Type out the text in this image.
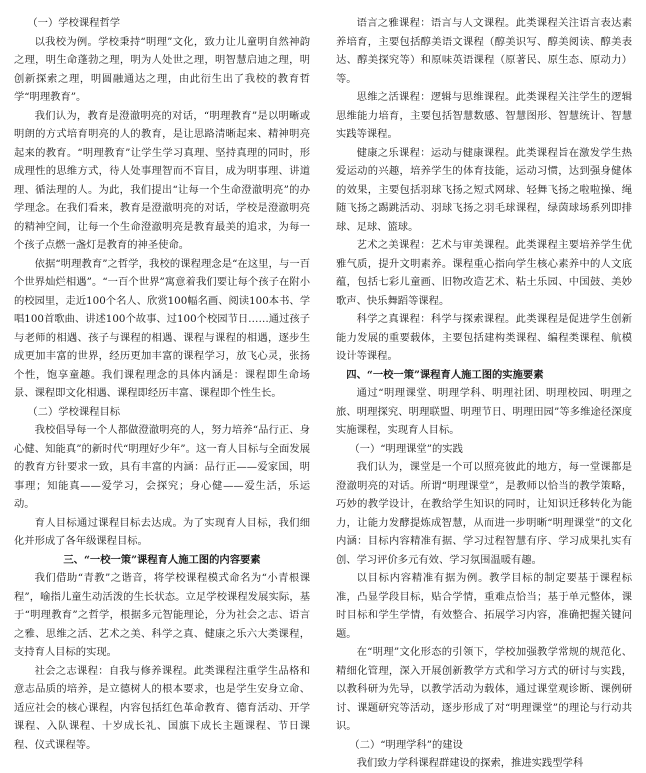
（一）学校课程哲学

以我校为例。学校秉持“明理”文化，致力让儿童明自然神韵之理，明生命蓬勃之理，明为人处世之理，明智慧启迪之理，明创新探索之理，明圆融通达之理，由此衍生出了我校的教育哲学“明理教育”。

我们认为，教育是澄澈明亮的对话，“明理教育”是以明晰或明朗的方式培育明亮的人的教育，是让思路清晰起来、精神明亮起来的教育。“明理教育”让学生学习真理、坚持真理的同时，形成理性的思维方式，待人处事理智而不盲目，成为明事理、讲道理、循法理的人。为此，我们提出“让每一个生命澄澈明亮”的办学理念。在我们看来，教育是澄澈明亮的对话，学校是澄澈明亮的精神空间，让每一个生命澄澈明亮是教育最美的追求，为每一个孩子点燃一盏灯是教育的神圣使命。

依据“明理教育”之哲学，我校的课程理念是“在这里，与一百个世界灿烂相遇”。“一百个世界”寓意着我们要让每个孩子在附小的校园里，走近100个名人、欣赏100幅名画、阅读100本书、学唱100首歌曲、讲述100个故事、过100个校园节日……通过孩子与老师的相遇、孩子与课程的相遇、课程与课程的相遇，逐步生成更加丰富的世界，经历更加丰富的课程学习，放飞心灵，张扬个性，饱享童趣。我们课程理念的具体内涵是：课程即生命场景、课程即文化相遇、课程即经历丰富、课程即个性生长。

（二）学校课程目标

我校倡导每一个人都做澄澈明亮的人，努力培养“品行正、身心健、知能真”的新时代“明理好少年”。这一育人目标与全面发展的教育方针要求一致，具有丰富的内涵：品行正——爱家国，明事理；知能真——爱学习，会探究；身心健——爱生活，乐运动。

育人目标通过课程目标去达成。为了实现育人目标，我们细化并形成了各年级课程目标。

三、“一校一策”课程育人施工图的内容要素

我们借助“青教”之谐音，将学校课程模式命名为“小青根课程”，喻指儿童生动活泼的生长状态。立足学校课程发展实际，基于“明理教育”之哲学，根据多元智能理论，分为社会之志、语言之雅、思维之活、艺术之美、科学之真、健康之乐六大类课程，支持育人目标的实现。

社会之志课程：自我与修养课程。此类课程注重学生品格和意志品质的培养，是立德树人的根本要求，也是学生安身立命、适应社会的核心课程，内容包括红色革命教育、德育活动、开学课程、入队课程、十岁成长礼、国旗下成长主题课程、节日课程、仪式课程等。

语言之雅课程：语言与人文课程。此类课程关注语言表达素养培育，主要包括醇美语文课程（醇美识写、醇美阅读、醇美表达、醇美探究等）和原味英语课程（原著民、原生态、原动力）等。

思维之活课程：逻辑与思维课程。此类课程关注学生的逻辑思维能力培育，主要包括智慧数感、智慧图形、智慧统计、智慧实践等课程。

健康之乐课程：运动与健康课程。此类课程旨在激发学生热爱运动的兴趣，培养学生的体育技能，运动习惯，达到强身健体的效果，主要包括羽球飞扬之短式网球、轻舞飞扬之啦啦操、绳随飞扬之踢跳活动、羽球飞扬之羽毛球课程，绿茵球场系列即排球、足球、篮球。

艺术之美课程：艺术与审美课程。此类课程主要培养学生优雅气质，提升文明素养。课程重心指向学生核心素养中的人文底蕴，包括七彩儿童画、旧物改造艺术、粘土乐园、中国鼓、美妙歌声、快乐舞蹈等课程。

科学之真课程：科学与探索课程。此类课程是促进学生创新能力发展的重要载体，主要包括建构类课程、编程类课程、航模设计等课程。

四、“一校一策”课程育人施工图的实施要素

通过“明理课堂、明理学科、明理社团、明理校园、明理之旅、明理探究、明理联盟、明理节日、明理田园”等多维途径深度实施课程，实现育人目标。

（一）“明理课堂”的实践

我们认为，课堂是一个可以照亮彼此的地方，每一堂课都是澄澈明亮的对话。所谓“明理课堂”，是教师以恰当的教学策略，巧妙的教学设计，在教给学生知识的同时，让知识迁移转化为能力，让能力发酵提炼成智慧，从而进一步明晰“明理课堂”的文化内涵：目标内容精准有据、学习过程智慧有序、学习成果扎实有创、学习评价多元有效、学习氛围温暖有趣。

以目标内容精准有据为例。教学目标的制定要基于课程标准，凸显学段目标，贴合学情，重难点恰当；基于单元整体，课时目标和学生学情，有效整合、拓展学习内容，准确把握关键问题。

在“明理”文化形态的引领下，学校加强教学常规的规范化、精细化管理，深入开展创新教学方式和学习方式的研讨与实践，以教科研为先导，以教学活动为载体，通过课堂观诊断、课例研讨、课题研究等活动，逐步形成了对“明理课堂”的理论与行动共识。

（二）“明理学科”的建设

我们致力学科课程群建设的探索，推进实践型学科
